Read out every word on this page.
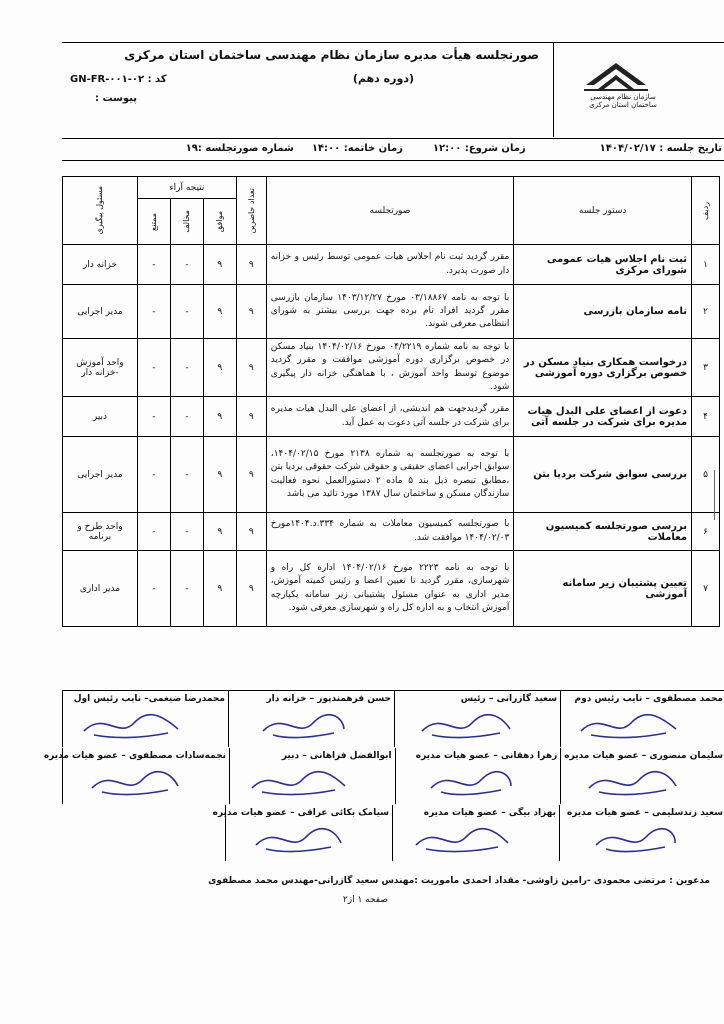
سازمان نظام مهندسی ساختمان استان مرکزی
صورتجلسه هیأت مدیره سازمان نظام مهندسی ساختمان استان مرکزی
(دوره دهم)
کد : GN-FR-۰۰۱-۰۲
پیوست :
تاریخ جلسه : ۱۴۰۴/۰۲/۱۷
زمان شروع: ۱۲:۰۰
زمان خاتمه: ۱۴:۰۰
شماره صورتجلسه :۱۹
ردیف	دستور جلسه	صورتجلسه	تعداد حاضرین	نتیجه آراء			مسئول پیگیری

				موافق	مخالف	ممتنع	

۱	ثبت نام اجلاس هیات عمومی شورای مرکزی	مقرر گردید ثبت نام اجلاس هیات عمومی توسط رئیس و خزانه دار صورت پذیرد.	۹	۹	-	-	خزانه دار
۲	نامه سازمان بازرسی	با توجه به نامه ۰۳/۱۸۸۶۷ مورخ ۱۴۰۳/۱۲/۲۷ سازمان بازرسی مقرر گردید افراد نام برده جهت بررسی بیشتر به شورای انتظامی معرفی شوند.	۹	۹	-	-	مدیر اجرایی
۳	درخواست همکاری بنیاد مسکن در خصوص برگزاری دوره آموزشی	با توجه به نامه شماره ۰۴/۲۲۱۹ مورخ ۱۴۰۴/۰۲/۱۶ بنیاد مسکن در خصوص برگزاری دوره آموزشی موافقت و مقرر گردید موضوع توسط واحد آموزش ، با هماهنگی خزانه دار پیگیری شود.	۹	۹	-	-	واحد آموزش -خزانه دار
۴	دعوت از اعضای علی البدل هیات مدیره برای شرکت در جلسه آتی	مقرر گردیدجهت هم اندیشی، از اعضای علی البدل هیات مدیره برای شرکت در جلسه آتی دعوت به عمل آید.	۹	۹	-	-	دبیر
۵	بررسی سوابق شرکت بردیا بتن	با توجه به صورتجلسه به شماره ۲۱۳۸ مورخ ۱۴۰۴/۰۲/۱۵، سوابق اجرایی اعضای حقیقی و حقوقی شرکت حقوقی بردیا بتن ،مطابق تبصره ذیل بند ۵ ماده ۲ دستورالعمل نحوه فعالیت سازندگان مسکن و ساختمان سال ۱۳۸۷ مورد تائید می باشد	۹	۹	-	-	مدیر اجرایی
۶	بررسی صورتجلسه کمیسیون معاملات	با صورتجلسه کمیسیون معاملات به شماره ۳۳۴.د.۱۴۰۴مورخ ۱۴۰۴/۰۲/۰۳ موافقت شد.	۹	۹	-	-	واحد طرح و برنامه
۷	تعیین پشتیبان زیر سامانه آموزشی	با توجه به نامه ۲۲۲۳ مورخ ۱۴۰۴/۰۲/۱۶ اداره کل راه و شهرسازی، مقرر گردید تا تعیین اعضا و رئیس کمیته آموزش، مدیر اداری به عنوان مسئول پشتیبانی زیر سامانه یکپارچه آموزش انتخاب و به اداره کل راه و شهرسازی معرفی شود.	۹	۹	-	-	مدیر اداری
محمد مصطفوی – نایب رئیس دوم
سعید گازرانی – رئیس
حسن فرهمندپور – خزانه دار
محمدرضا ضیغمی– نایب رئیس اول
سلیمان منصوری – عضو هیات مدیره
زهرا دهقانی – عضو هیات مدیره
ابوالفضل فراهانی – دبیر
نجمه‌سادات مصطفوی – عضو هیات مدیره
سعید زندسلیمی – عضو هیات مدیره
بهزاد بیگی – عضو هیات مدیره
سیامک بکائی عراقی – عضو هیات مدیره
مدعوین : مرتضی محمودی -رامین زاوشی- مقداد احمدی ماموریت :مهندس سعید گازرانی-مهندس محمد مصطفوی
صفحه ۱ از۲
